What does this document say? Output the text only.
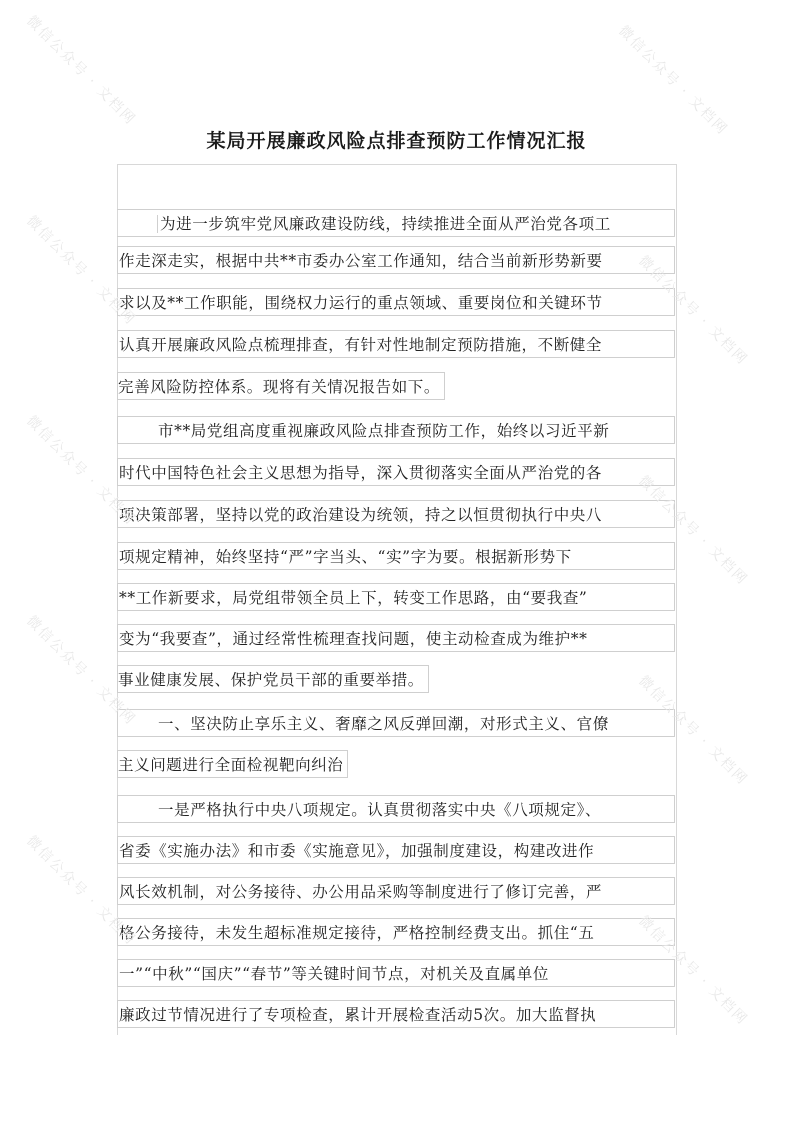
某局开展廉政风险点排查预防工作情况汇报
为进一步筑牢党风廉政建设防线，持续推进全面从严治党各项工
作走深走实，根据中共**市委办公室工作通知，结合当前新形势新要
求以及**工作职能，围绕权力运行的重点领域、重要岗位和关键环节
认真开展廉政风险点梳理排查，有针对性地制定预防措施，不断健全
完善风险防控体系。现将有关情况报告如下。
市**局党组高度重视廉政风险点排查预防工作，始终以习近平新
时代中国特色社会主义思想为指导，深入贯彻落实全面从严治党的各
项决策部署，坚持以党的政治建设为统领，持之以恒贯彻执行中央八
项规定精神，始终坚持“严”字当头、“实”字为要。根据新形势下
**工作新要求，局党组带领全员上下，转变工作思路，由“要我查”
变为“我要查”，通过经常性梳理查找问题，使主动检查成为维护**
事业健康发展、保护党员干部的重要举措。
一、坚决防止享乐主义、奢靡之风反弹回潮，对形式主义、官僚
主义问题进行全面检视靶向纠治
一是严格执行中央八项规定。认真贯彻落实中央《八项规定》、
省委《实施办法》和市委《实施意见》，加强制度建设，构建改进作
风长效机制，对公务接待、办公用品采购等制度进行了修订完善，严
格公务接待，未发生超标准规定接待，严格控制经费支出。抓住“五
一”“中秋”“国庆”“春节”等关键时间节点，对机关及直属单位
廉政过节情况进行了专项检查，累计开展检查活动5次。加大监督执
微信公众号 · 文档网	微信公众号 · 文档网
微信公众号 · 文档网	微信公众号 · 文档网
微信公众号 · 文档网
微信公众号 · 文档网
微信公众号 · 文档网
微信公众号 · 文档网
微信公众号 · 文档网
微信公众号 · 文档网
